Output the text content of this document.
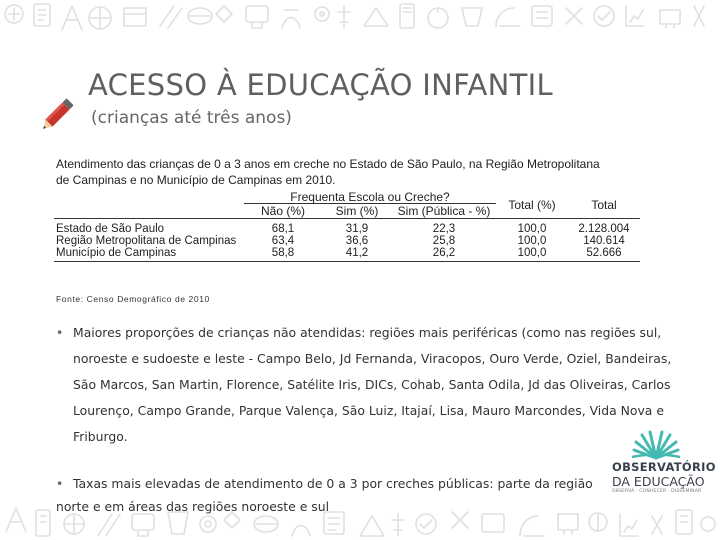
ACESSO À EDUCAÇÃO INFANTIL
(crianças até três anos)
Atendimento das crianças de 0 a 3 anos em creche no Estado de São Paulo, na Região Metropolitana
de Campinas e no Município de Campinas em 2010.
	Frequenta Escola ou Creche?			Total (%)	Total
	Não (%)	Sim (%)	Sim (Pública - %)		
Estado de São Paulo	68,1	31,9	22,3	100,0	2.128.004
Região Metropolitana de Campinas	63,4	36,6	25,8	100,0	140.614
Município de Campinas	58,8	41,2	26,2	100,0	52.666
Fonte: Censo Demográfico de 2010
• Maiores proporções de crianças não atendidas: regiões mais periféricas (como nas regiões sul, noroeste e sudoeste e leste - Campo Belo, Jd Fernanda, Viracopos, Ouro Verde, Oziel, Bandeiras, São Marcos, San Martin, Florence, Satélite Iris, DICs, Cohab, Santa Odila, Jd das Oliveiras, Carlos Lourenço, Campo Grande, Parque Valença, São Luiz, Itajaí, Lisa, Mauro Marcondes, Vida Nova e Friburgo.
• Taxas mais elevadas de atendimento de 0 a 3 por creches públicas: parte da região norte e em áreas das regiões noroeste e sul
OBSERVATÓRIO
DA EDUCAÇÃO
OBSERVA · CONHECER · DISSEMINAR
